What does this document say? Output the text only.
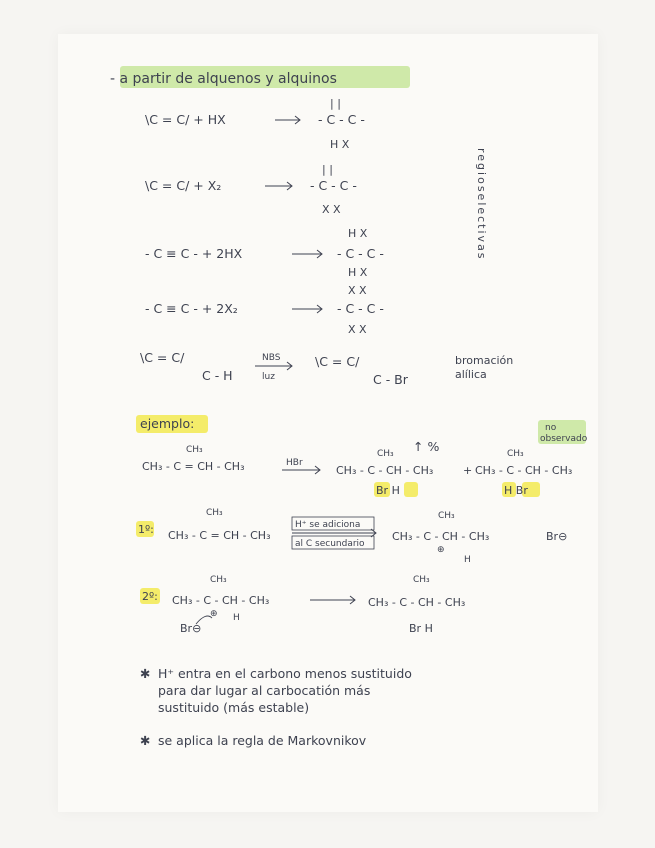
- a partir de alquenos y alquinos
regioselectivas
\C = C/ + HX
| |
- C - C -
H X
\C = C/ + X₂
| |
- C - C -
X X
- C ≡ C - + 2HX
H X
- C - C -
H X
- C ≡ C - + 2X₂
X X
- C - C -
X X
\C = C/
C - H
NBS
luz
\C = C/
C - Br
bromación
alílica
ejemplo:
CH₃
CH₃ - C = CH - CH₃	HBr
CH₃ ↑ %
CH₃ - C - CH - CH₃
Br H
+
CH₃
CH₃ - C - CH - CH₃
H Br
no
observado
1º:
CH₃
CH₃ - C = CH - CH₃
H⁺ se adiciona
al C secundario
CH₃
CH₃ - C - CH - CH₃
⊕
H
Br⊖
2º:
CH₃
CH₃ - C - CH - CH₃
⊕ H
Br⊖
CH₃
CH₃ - C - CH - CH₃
Br H
✱ H⁺ entra en el carbono menos sustituido
para dar lugar al carbocatión más
sustituido (más estable)
✱ se aplica la regla de Markovnikov
